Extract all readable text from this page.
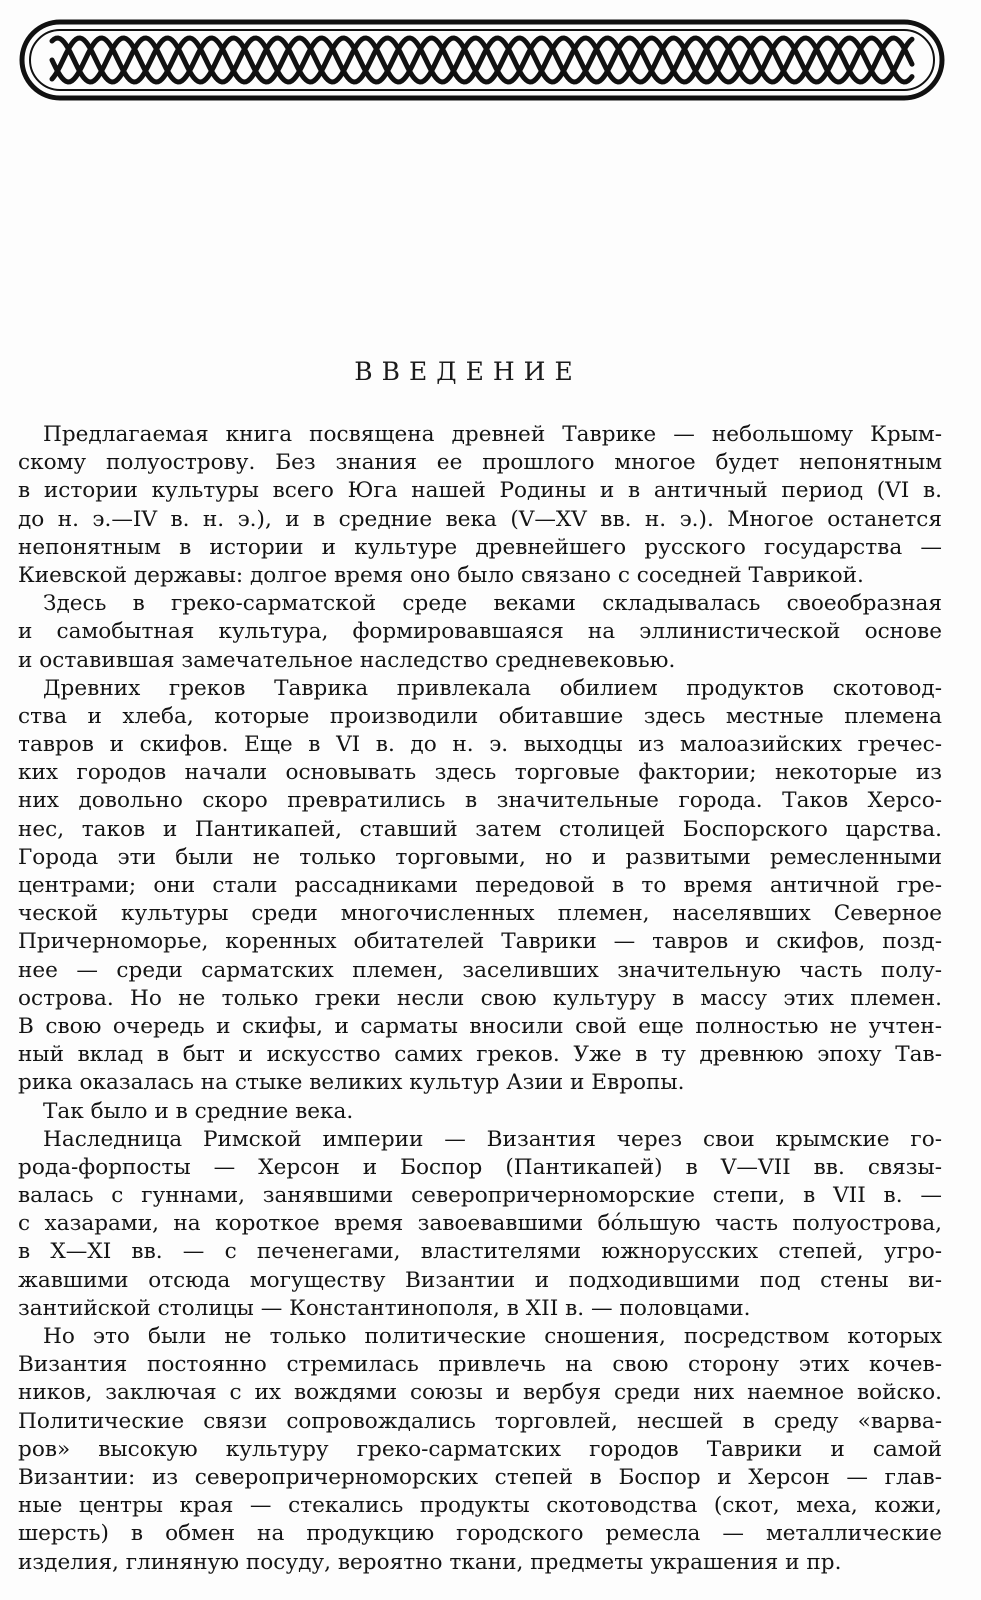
ВВЕДЕНИЕ
Предлагаемая книга посвящена древней Таврике — небольшому Крым-
скому полуострову. Без знания ее прошлого многое будет непонятным
в истории культуры всего Юга нашей Родины и в античный период (VI в.
до н. э.—IV в. н. э.), и в средние века (V—XV вв. н. э.). Многое останется
непонятным в истории и культуре древнейшего русского государства —
Киевской державы: долгое время оно было связано с соседней Таврикой.
Здесь в греко-сарматской среде веками складывалась своеобразная
и самобытная культура, формировавшаяся на эллинистической основе
и оставившая замечательное наследство средневековью.
Древних греков Таврика привлекала обилием продуктов скотовод-
ства и хлеба, которые производили обитавшие здесь местные племена
тавров и скифов. Еще в VI в. до н. э. выходцы из малоазийских гречес-
ких городов начали основывать здесь торговые фактории; некоторые из
них довольно скоро превратились в значительные города. Таков Херсо-
нес, таков и Пантикапей, ставший затем столицей Боспорского царства.
Города эти были не только торговыми, но и развитыми ремесленными
центрами; они стали рассадниками передовой в то время античной гре-
ческой культуры среди многочисленных племен, населявших Северное
Причерноморье, коренных обитателей Таврики — тавров и скифов, позд-
нее — среди сарматских племен, заселивших значительную часть полу-
острова. Но не только греки несли свою культуру в массу этих племен.
В свою очередь и скифы, и сарматы вносили свой еще полностью не учтен-
ный вклад в быт и искусство самих греков. Уже в ту древнюю эпоху Тав-
рика оказалась на стыке великих культур Азии и Европы.
Так было и в средние века.
Наследница Римской империи — Византия через свои крымские го-
рода-форпосты — Херсон и Боспор (Пантикапей) в V—VII вв. связы-
валась с гуннами, занявшими северопричерноморские степи, в VII в. —
с хазарами, на короткое время завоевавшими бо́льшую часть полуострова,
в X—XI вв. — с печенегами, властителями южнорусских степей, угро-
жавшими отсюда могуществу Византии и подходившими под стены ви-
зантийской столицы — Константинополя, в XII в. — половцами.
Но это были не только политические сношения, посредством которых
Византия постоянно стремилась привлечь на свою сторону этих кочев-
ников, заключая с их вождями союзы и вербуя среди них наемное войско.
Политические связи сопровождались торговлей, несшей в среду «варва-
ров» высокую культуру греко-сарматских городов Таврики и самой
Византии: из северопричерноморских степей в Боспор и Херсон — глав-
ные центры края — стекались продукты скотоводства (скот, меха, кожи,
шерсть) в обмен на продукцию городского ремесла — металлические
изделия, глиняную посуду, вероятно ткани, предметы украшения и пр.
